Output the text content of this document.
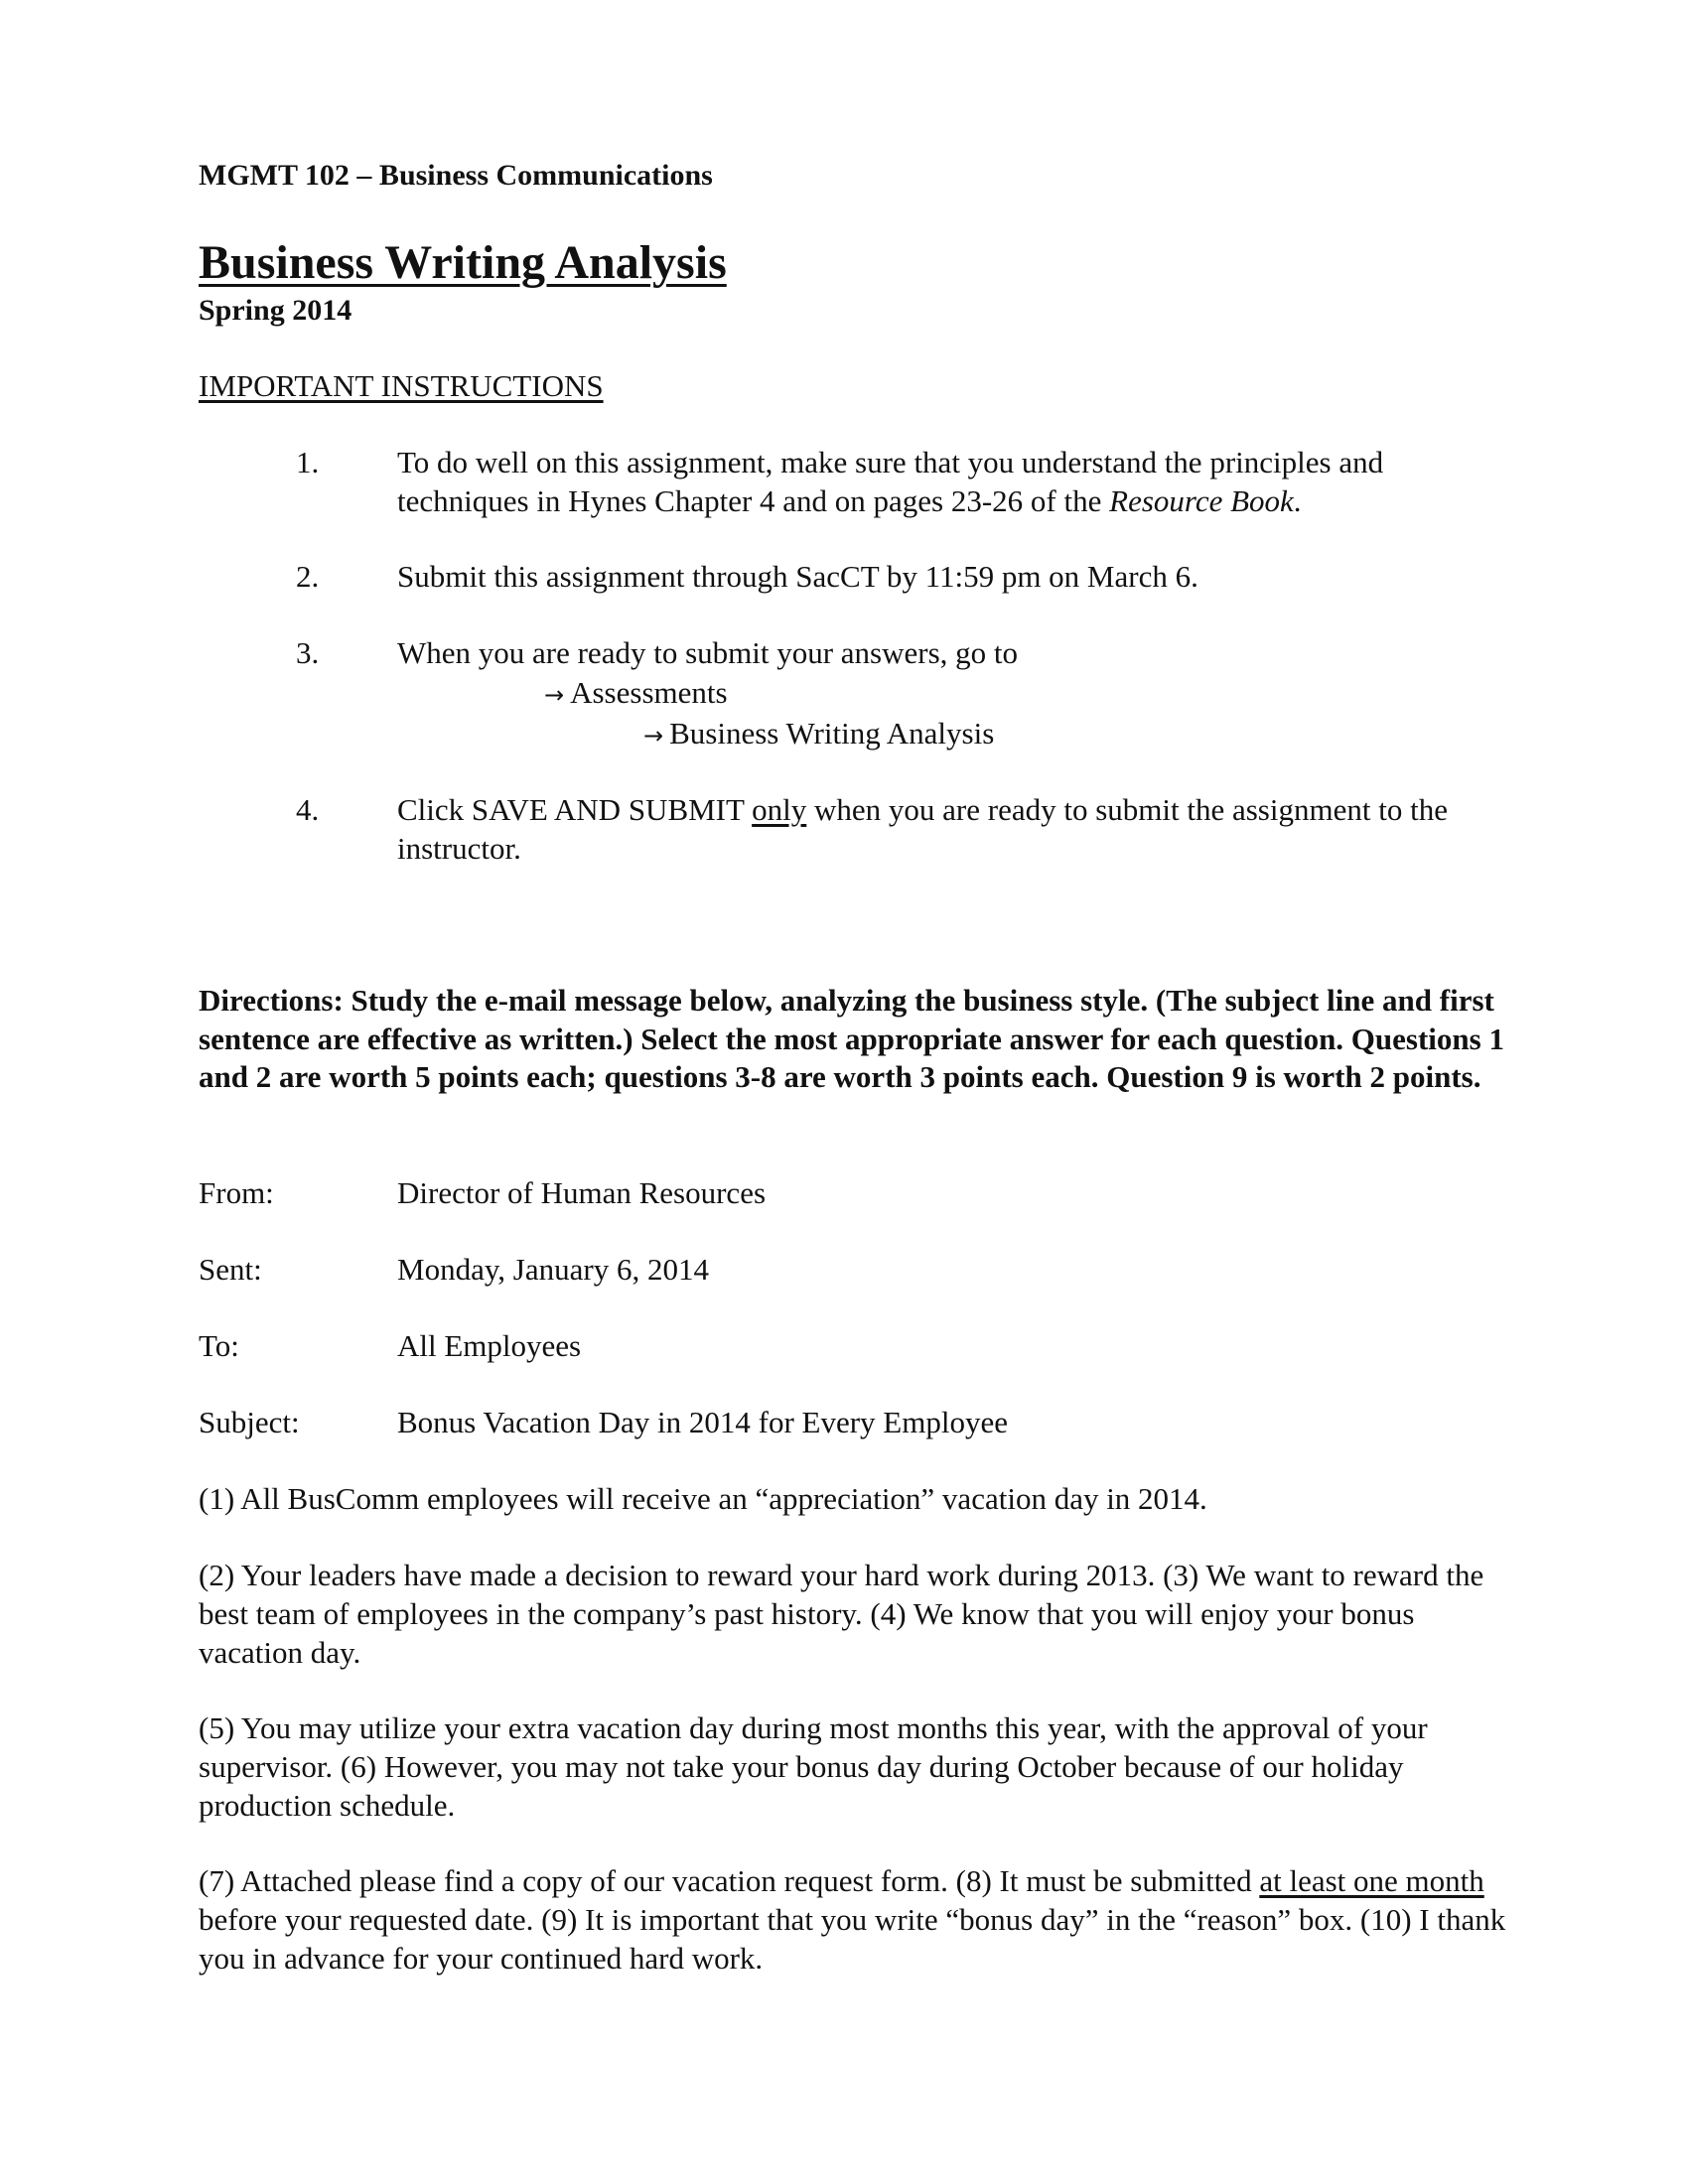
MGMT 102 – Business Communications
Business Writing Analysis
Spring 2014
IMPORTANT INSTRUCTIONS
1.	To do well on this assignment, make sure that you understand the principles and techniques in Hynes Chapter 4 and on pages 23-26 of the Resource Book.
2.	Submit this assignment through SacCT by 11:59 pm on March 6.
3.	When you are ready to submit your answers, go to
→ Assessments
→ Business Writing Analysis
4.	Click SAVE AND SUBMIT only when you are ready to submit the assignment to the instructor.
Directions: Study the e-mail message below, analyzing the business style. (The subject line and first sentence are effective as written.) Select the most appropriate answer for each question. Questions 1 and 2 are worth 5 points each; questions 3-8 are worth 3 points each. Question 9 is worth 2 points.
From:	Director of Human Resources
Sent:	Monday, January 6, 2014
To:	All Employees
Subject:	Bonus Vacation Day in 2014 for Every Employee
(1) All BusComm employees will receive an “appreciation” vacation day in 2014.
(2) Your leaders have made a decision to reward your hard work during 2013. (3) We want to reward the best team of employees in the company’s past history. (4) We know that you will enjoy your bonus vacation day.
(5) You may utilize your extra vacation day during most months this year, with the approval of your supervisor. (6) However, you may not take your bonus day during October because of our holiday production schedule.
(7) Attached please find a copy of our vacation request form. (8) It must be submitted at least one month before your requested date. (9) It is important that you write “bonus day” in the “reason” box. (10) I thank you in advance for your continued hard work.
